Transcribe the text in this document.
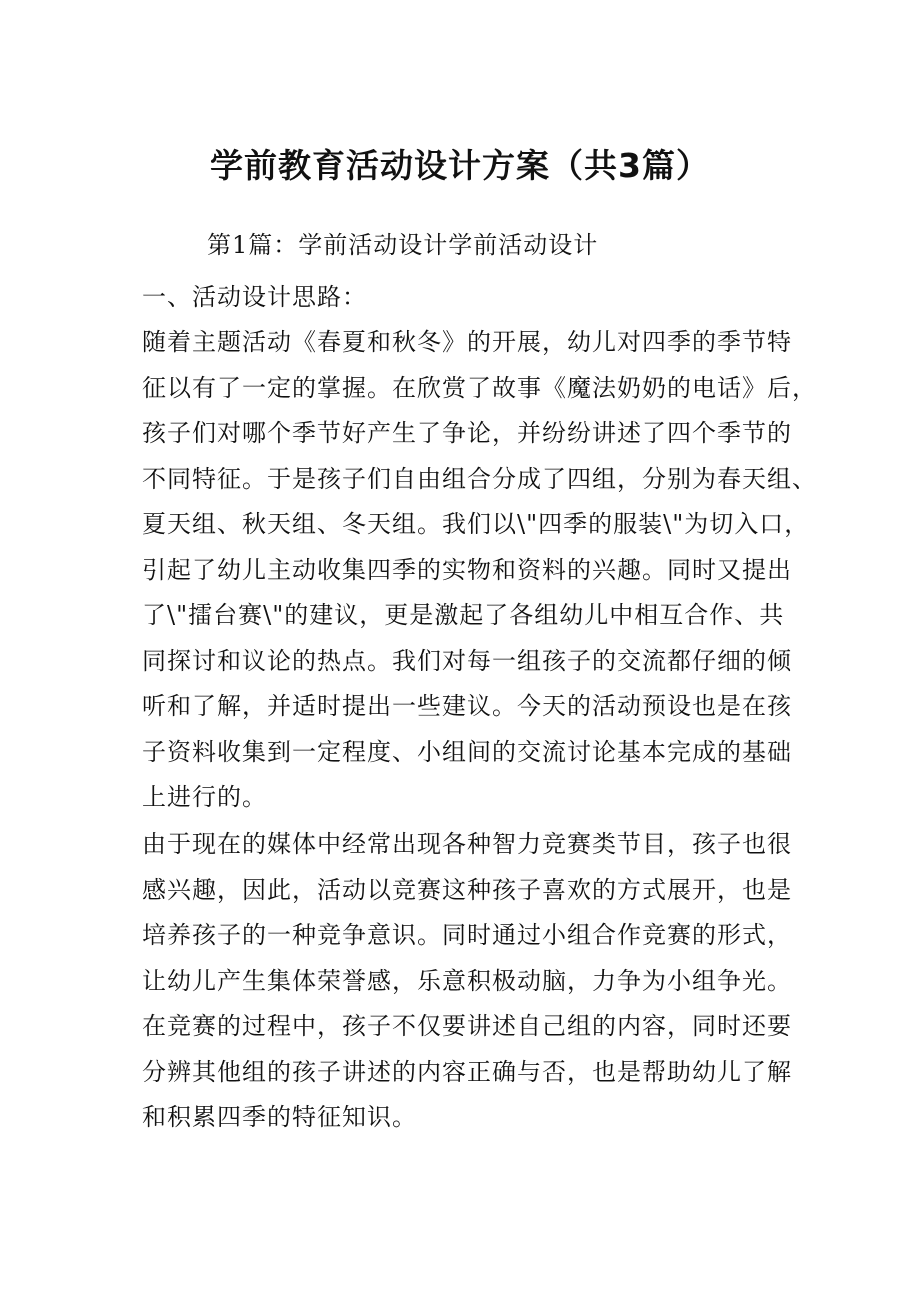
学前教育活动设计方案（共3篇）
第1篇：学前活动设计学前活动设计
一、活动设计思路：
随着主题活动《春夏和秋冬》的开展，幼儿对四季的季节特
征以有了一定的掌握。在欣赏了故事《魔法奶奶的电话》后，
孩子们对哪个季节好产生了争论，并纷纷讲述了四个季节的
不同特征。于是孩子们自由组合分成了四组，分别为春天组、
夏天组、秋天组、冬天组。我们以\"四季的服装\"为切入口，
引起了幼儿主动收集四季的实物和资料的兴趣。同时又提出
了\"擂台赛\"的建议，更是激起了各组幼儿中相互合作、共
同探讨和议论的热点。我们对每一组孩子的交流都仔细的倾
听和了解，并适时提出一些建议。今天的活动预设也是在孩
子资料收集到一定程度、小组间的交流讨论基本完成的基础
上进行的。
由于现在的媒体中经常出现各种智力竞赛类节目，孩子也很
感兴趣，因此，活动以竞赛这种孩子喜欢的方式展开，也是
培养孩子的一种竞争意识。同时通过小组合作竞赛的形式，
让幼儿产生集体荣誉感，乐意积极动脑，力争为小组争光。
在竞赛的过程中，孩子不仅要讲述自己组的内容，同时还要
分辨其他组的孩子讲述的内容正确与否，也是帮助幼儿了解
和积累四季的特征知识。
